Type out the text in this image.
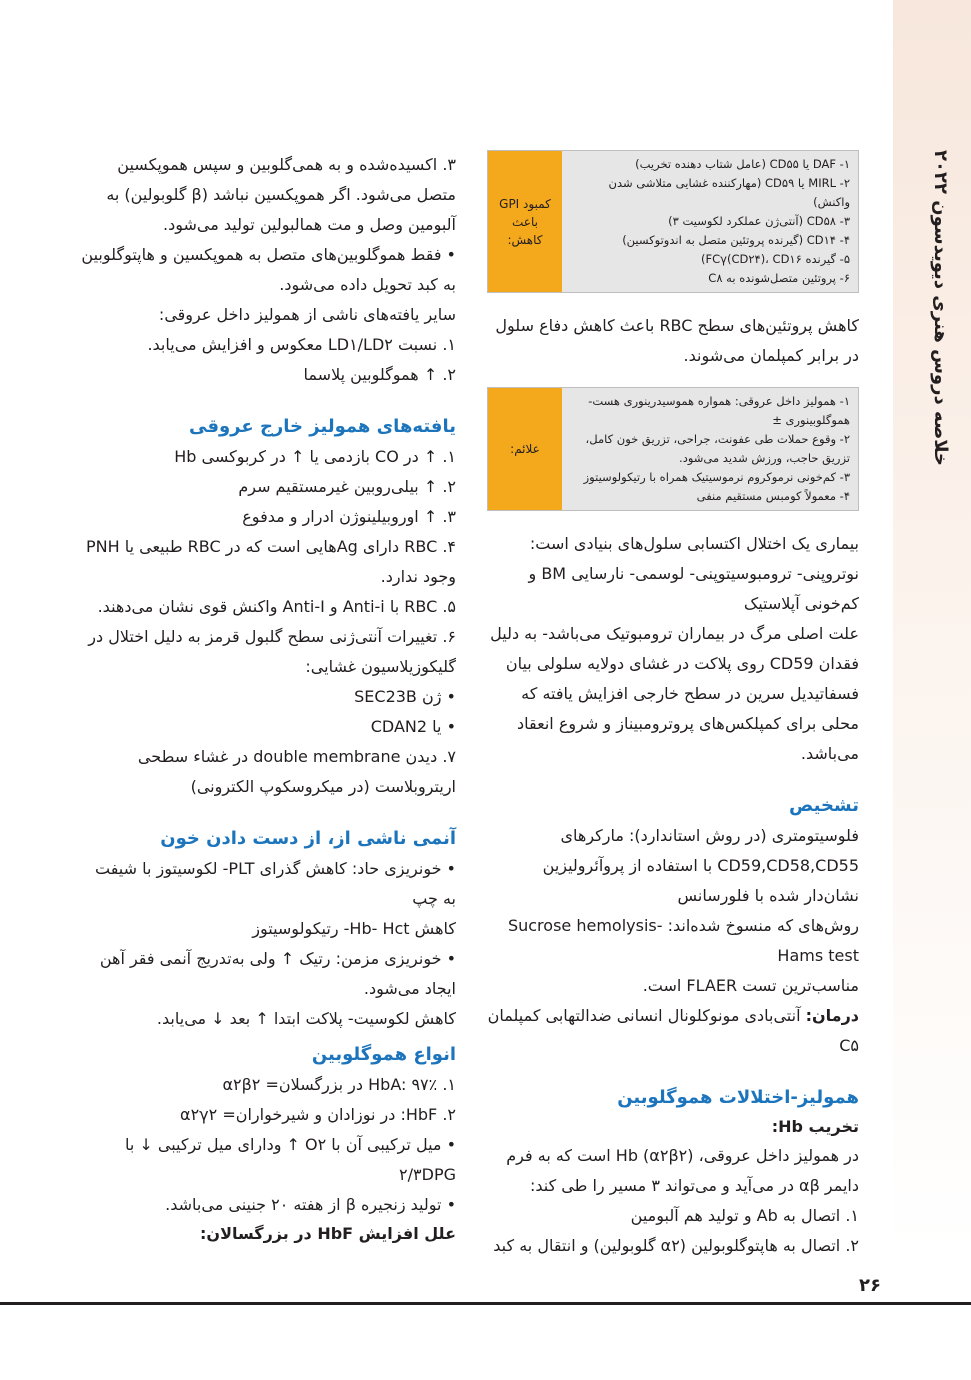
خلاصه دروس هنری دیویدسون ۲۰۲۲
۱- DAF یا CD۵۵ (عامل شتاب دهنده تخریب)
۲- MIRL یا CD۵۹ (مهارکننده غشایی متلاشی شدن واکنش)
۳- CD۵۸ (آنتی‌ژن عملکرد لکوسیت ۳)
۴- CD۱۴ (گیرنده پروتئین متصل به اندوتوکسین)
۵- گیرنده FCγ(CD۲۴)، CD۱۶)
۶- پروتئین متصل‌شونده به C۸
کمبود GPI باعث کاهش:

کاهش پروتئین‌های سطح RBC باعث کاهش دفاع سلول در برابر کمپلمان می‌شوند.

۱- همولیز داخل عروقی: همواره هموسیدرینوری هست- هموگلوبینوری ±
۲- وقوع حملات طی عفونت، جراحی، تزریق خون کامل، تزریق حاجب، ورزش شدید می‌شود.
۳- کم‌خونی نرموکروم نرموسیتیک همراه با رتیکولوسیتوز
۴- معمولاً کومبس مستقیم منفی
علائم:

بیماری یک اختلال اکتسابی سلول‌های بنیادی است: نوتروپنی- ترومبوسیتوپنی- لوسمی- نارسایی BM و کم‌خونی آپلاستیک

علت اصلی مرگ در بیماران ترومبوتیک می‌باشد- به دلیل فقدان CD59 روی پلاکت در غشای دولایه سلولی بیان فسفاتیدیل سرین در سطح خارجی افزایش یافته که محلی برای کمپلکس‌های پروترومبیناز و شروع انعقاد می‌باشد.

تشخیص

فلوسیتومتری (در روش استاندارد): مارکرهای CD59,CD58,CD55 با استفاده از پروآئرولیزین نشان‌دار شده با فلورسانس

روش‌های که منسوخ شده‌اند: Sucrose hemolysis- Hams test

مناسب‌ترین تست FLAER است.

درمان: آنتی‌بادی مونوکلونال انسانی ضدالتهابی کمپلمان C۵

همولیز-اختلالات هموگلوبین
تخریب Hb:

در همولیز داخل عروقی، Hb (α۲β۲) است که به فرم دایمر αβ در می‌آید و می‌تواند ۳ مسیر را طی کند:

۱. اتصال به Ab و تولید هم آلبومین
۲. اتصال به هاپتوگلوبولین (α۲ گلوبولین) و انتقال به کبد
۳. اکسیده‌شده و به همی‌گلوبین و سپس هموپکسین متصل می‌شود. اگر هموپکسین نباشد (β گلوبولین) به آلبومین وصل و مت همالبولین تولید می‌شود.
• فقط هموگلوبین‌های متصل به هموپکسین و هاپتوگلوبین به کبد تحویل داده می‌شود.
سایر یافته‌های ناشی از همولیز داخل عروقی:
۱. نسبت LD۱/LD۲ معکوس و افزایش می‌یابد.
۲. ↑ هموگلوبین پلاسما
یافته‌های همولیز خارج عروقی
۱. ↑ در CO بازدمی یا ↑ در کربوکسی Hb
۲. ↑ بیلی‌روبین غیرمستقیم سرم
۳. ↑ اوروبیلینوژن ادرار و مدفوع
۴. RBC دارای Agهایی است که در RBC طبیعی یا PNH وجود ندارد.
۵. RBC با Anti-i و Anti-I واکنش قوی نشان می‌دهند.
۶. تغییرات آنتی‌ژنی سطح گلبول قرمز به دلیل اختلال در گلیکوزیلاسیون غشایی:
• ژن SEC23B
• یا CDAN2
۷. دیدن double membrane در غشاء سطحی اریتروبلاست (در میکروسکوپ الکترونی)
آنمی ناشی از، از دست دادن خون
• خونریزی حاد: کاهش گذرای PLT- لکوسیتوز با شیفت به چپ
کاهش Hb- Hct- رتیکولوسیتوز
• خونریزی مزمن: رتیک ↑ ولی به‌تدریج آنمی فقر آهن ایجاد می‌شود.
کاهش لکوسیت- پلاکت ابتدا ↑ بعد ↓ می‌یابد.
انواع هموگلوبین
۱. HbA: ۹۷٪ در بزرگسلان= α۲β۲
۲. HbF: در نوزادان و شیرخواران= α۲γ۲
• میل ترکیبی آن با O۲ ↑ ودارای میل ترکیبی ↓ با ۲/۳DPG
• تولید زنجیره β از هفته ۲۰ جنینی می‌باشد.
علل افزایش HbF در بزرگسالان:
۲۶
